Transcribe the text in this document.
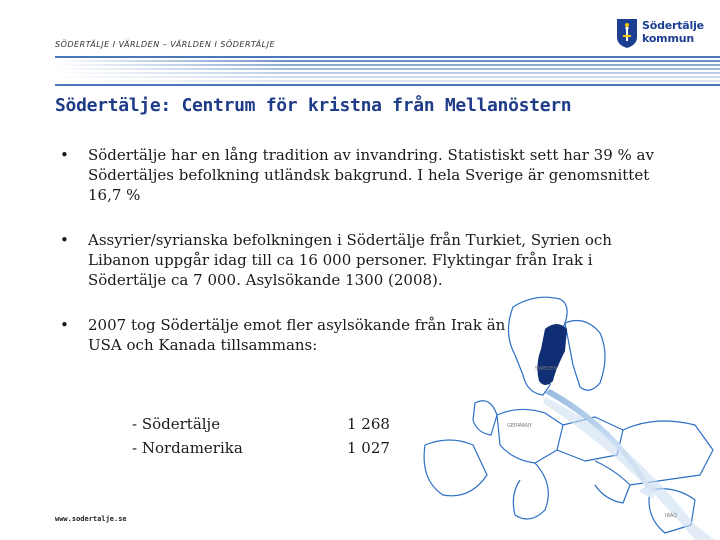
SÖDERTÄLJE I VÄRLDEN – VÄRLDEN I SÖDERTÄLJE
Södertälje
kommun
Södertälje: Centrum för kristna från Mellanöstern
• Södertälje har en lång tradition av invandring. Statistiskt sett har 39 % av Södertäljes befolkning utländsk bakgrund. I hela Sverige är genomsnittet 16,7 %
• Assyrier/syrianska befolkningen i Södertälje från Turkiet, Syrien och Libanon uppgår idag till ca 16 000 personer. Flyktingar från Irak i Södertälje ca 7 000. Asylsökande 1300 (2008).
• 2007 tog Södertälje emot fler asylsökande från Irak än USA och Kanada tillsammans:
- Södertälje	1 268
- Nordamerika	1 027
SWEDEN
GERMANY
IRAQ
www.sodertalje.se
